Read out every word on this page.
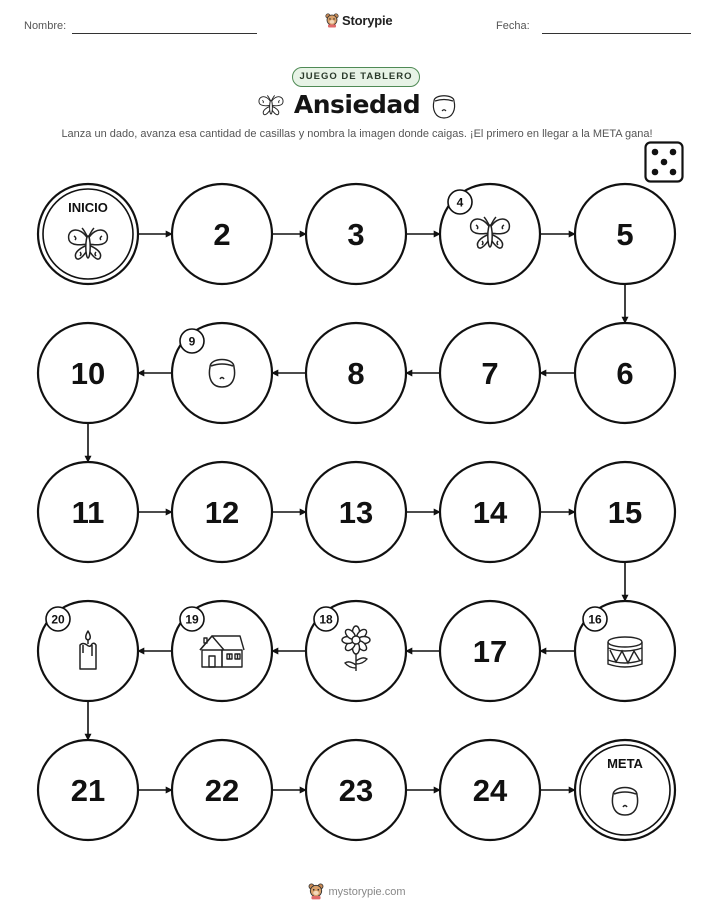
Nombre:	Storypie	Fecha:
JUEGO DE TABLERO
Ansiedad
Lanza un dado, avanza esa cantidad de casillas y nombra la imagen donde caigas. ¡El primero en llegar a la META gana!
INICIO
2	3
4
5
10
9
8	7	6
11	12	13	14	15
20	19	18
17
16
21	22	23	24
META
mystorypie.com
